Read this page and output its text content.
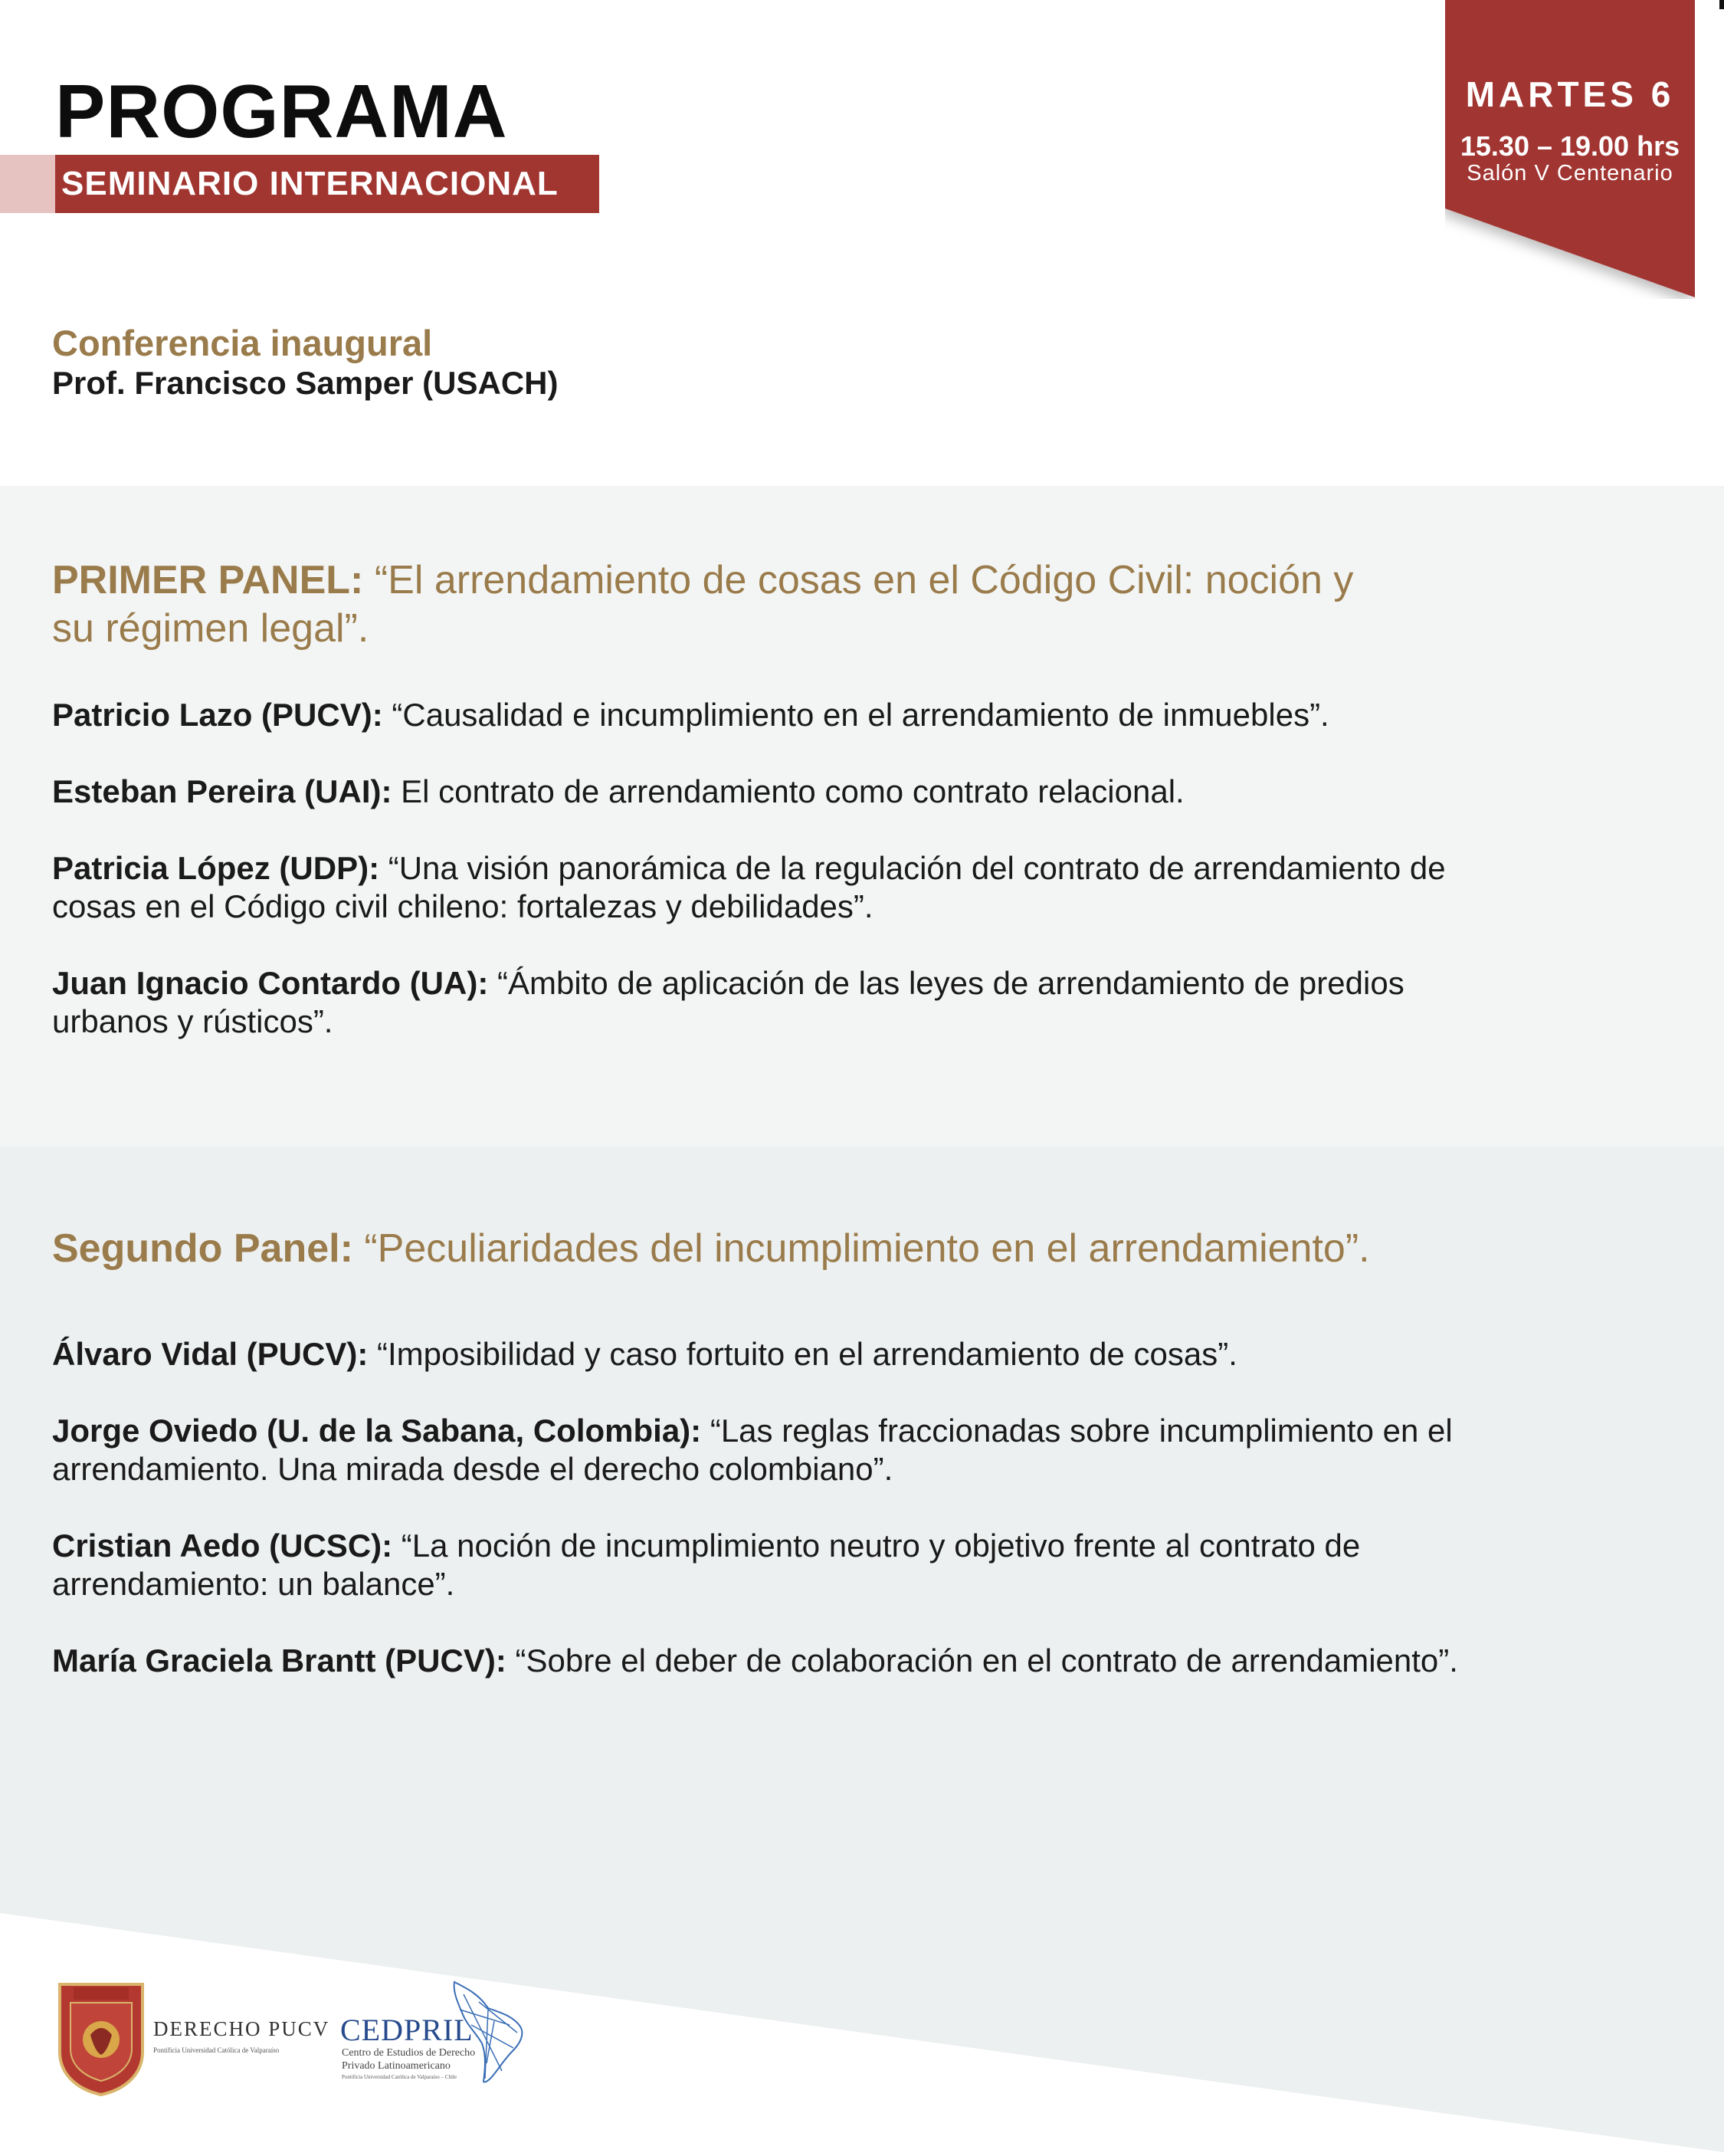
PROGRAMA
SEMINARIO INTERNACIONAL
MARTES 6
15.30 – 19.00 hrs
Salón V Centenario
Conferencia inaugural
Prof. Francisco Samper (USACH)
PRIMER PANEL: “El arrendamiento de cosas en el Código Civil: noción y
su régimen legal”.
Patricio Lazo (PUCV): “Causalidad e incumplimiento en el arrendamiento de inmuebles”.
Esteban Pereira (UAI): El contrato de arrendamiento como contrato relacional.
Patricia López (UDP): “Una visión panorámica de la regulación del contrato de arrendamiento de
cosas en el Código civil chileno: fortalezas y debilidades”.
Juan Ignacio Contardo (UA): “Ámbito de aplicación de las leyes de arrendamiento de predios
urbanos y rústicos”.
Segundo Panel: “Peculiaridades del incumplimiento en el arrendamiento”.
Álvaro Vidal (PUCV): “Imposibilidad y caso fortuito en el arrendamiento de cosas”.
Jorge Oviedo (U. de la Sabana, Colombia): “Las reglas fraccionadas sobre incumplimiento en el
arrendamiento. Una mirada desde el derecho colombiano”.
Cristian Aedo (UCSC): “La noción de incumplimiento neutro y objetivo frente al contrato de
arrendamiento: un balance”.
María Graciela Brantt (PUCV): “Sobre el deber de colaboración en el contrato de arrendamiento”.
DERECHO PUCV
Pontificia Universidad Católica de Valparaíso
CEDPRIL
Centro de Estudios de Derecho
Privado Latinoamericano
Pontificia Universidad Católica de Valparaíso – Chile
